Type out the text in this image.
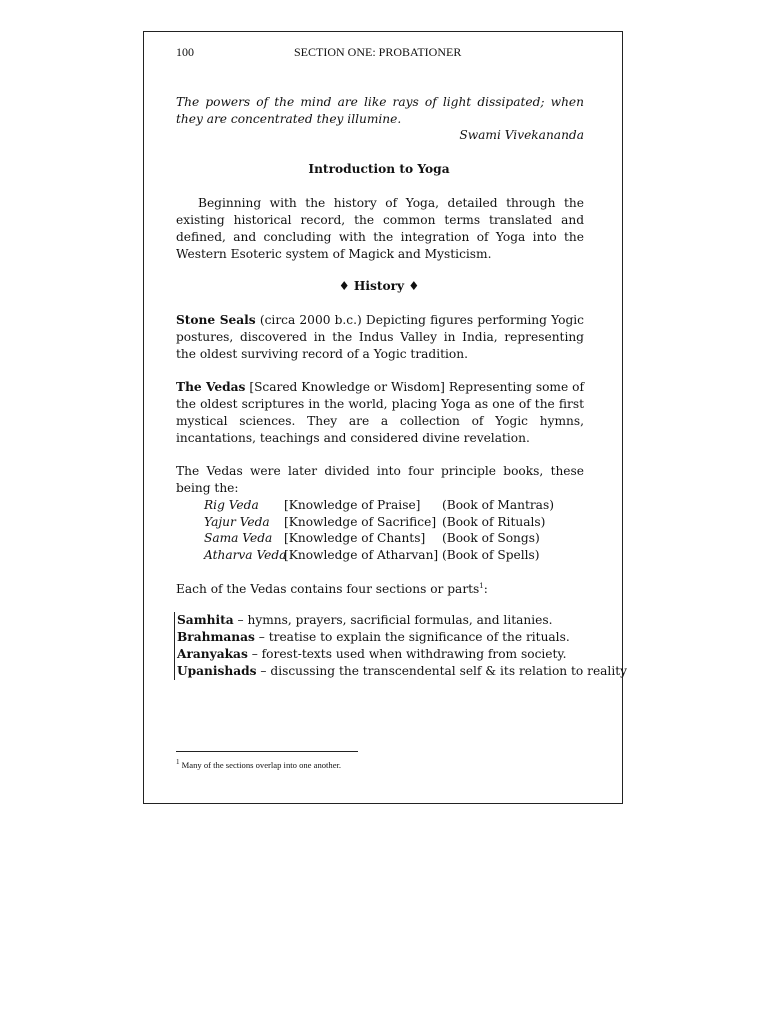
100	SECTION ONE: PROBATIONER
The powers of the mind are like rays of light dissipated; when they are concentrated they illumine.
Swami Vivekananda
Introduction to Yoga
Beginning with the history of Yoga, detailed through the existing historical record, the common terms translated and defined, and concluding with the integration of Yoga into the Western Esoteric system of Magick and Mysticism.
♦ History ♦
Stone Seals (circa 2000 b.c.) Depicting figures performing Yogic postures, discovered in the Indus Valley in India, representing the oldest surviving record of a Yogic tradition.
The Vedas [Scared Knowledge or Wisdom] Representing some of the oldest scriptures in the world, placing Yoga as one of the first mystical sciences. They are a collection of Yogic hymns, incantations, teachings and considered divine revelation.
The Vedas were later divided into four principle books, these being the:
Rig Veda [Knowledge of Praise] (Book of Mantras)
Yajur Veda [Knowledge of Sacrifice] (Book of Rituals)
Sama Veda [Knowledge of Chants] (Book of Songs)
Atharva Veda
[Knowledge of Atharvan] (Book of Spells)
Each of the Vedas contains four sections or parts$^1$:
Samhita – hymns, prayers, sacrificial formulas, and litanies.
Brahmanas – treatise to explain the significance of the rituals.
Aranyakas – forest-texts used when withdrawing from society.
Upanishads – discussing the transcendental self & its relation to reality
$^1$ Many of the sections overlap into one another.
